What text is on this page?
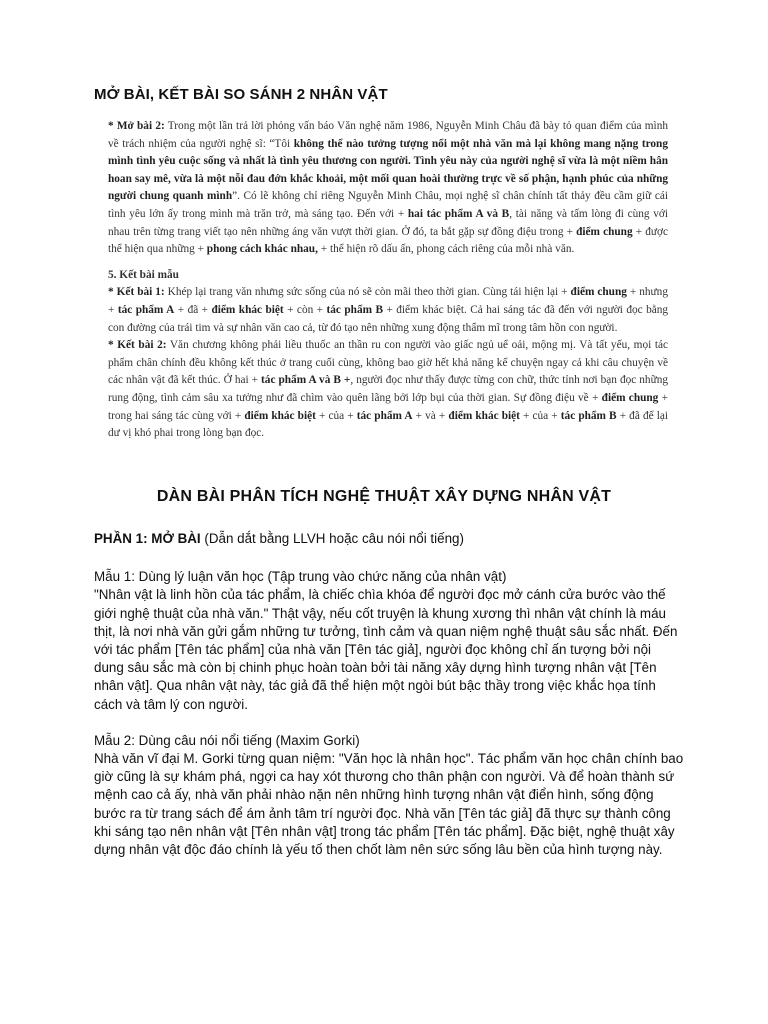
MỞ BÀI, KẾT BÀI SO SÁNH 2 NHÂN VẬT

* Mở bài 2: Trong một lần trả lời phỏng vấn báo Văn nghệ năm 1986, Nguyễn Minh Châu đã bày tỏ quan điểm của mình về trách nhiệm của người nghệ sĩ: “Tôi không thể nào tưởng tượng nổi một nhà văn mà lại không mang nặng trong mình tình yêu cuộc sống và nhất là tình yêu thương con người. Tình yêu này của người nghệ sĩ vừa là một niềm hân hoan say mê, vừa là một nỗi đau đớn khắc khoải, một mối quan hoài thường trực về số phận, hạnh phúc của những người chung quanh mình”. Có lẽ không chỉ riêng Nguyễn Minh Châu, mọi nghệ sĩ chân chính tất thảy đều cầm giữ cái tình yêu lớn ấy trong mình mà trăn trở, mà sáng tạo. Đến với + hai tác phẩm A và B, tài năng và tấm lòng đi cùng với nhau trên từng trang viết tạo nên những áng văn vượt thời gian. Ở đó, ta bắt gặp sự đồng điệu trong + điểm chung + được thể hiện qua những + phong cách khác nhau, + thể hiện rõ dấu ấn, phong cách riêng của mỗi nhà văn.

5. Kết bài mẫu

* Kết bài 1: Khép lại trang văn nhưng sức sống của nó sẽ còn mãi theo thời gian. Cùng tái hiện lại + điểm chung + nhưng + tác phẩm A + đã + điểm khác biệt + còn + tác phẩm B + điểm khác biệt. Cả hai sáng tác đã đến với người đọc bằng con đường của trái tim và sự nhân văn cao cả, từ đó tạo nên những xung động thẩm mĩ trong tâm hồn con người.

* Kết bài 2: Văn chương không phải liều thuốc an thần ru con người vào giấc ngủ uể oải, mộng mị. Và tất yếu, mọi tác phẩm chân chính đều không kết thúc ở trang cuối cùng, không bao giờ hết khả năng kể chuyện ngay cả khi câu chuyện về các nhân vật đã kết thúc. Ở hai + tác phẩm A và B +, người đọc như thấy được từng con chữ, thức tỉnh nơi bạn đọc những rung động, tình cảm sâu xa tưởng như đã chìm vào quên lãng bởi lớp bụi của thời gian. Sự đồng điệu về + điểm chung + trong hai sáng tác cùng với + điểm khác biệt + của + tác phẩm A + và + điểm khác biệt + của + tác phẩm B + đã để lại dư vị khó phai trong lòng bạn đọc.

DÀN BÀI PHÂN TÍCH NGHỆ THUẬT XÂY DỰNG NHÂN VẬT

PHẦN 1: MỞ BÀI (Dẫn dắt bằng LLVH hoặc câu nói nổi tiếng)

Mẫu 1: Dùng lý luận văn học (Tập trung vào chức năng của nhân vật)

"Nhân vật là linh hồn của tác phẩm, là chiếc chìa khóa để người đọc mở cánh cửa bước vào thế giới nghệ thuật của nhà văn." Thật vậy, nếu cốt truyện là khung xương thì nhân vật chính là máu thịt, là nơi nhà văn gửi gắm những tư tưởng, tình cảm và quan niệm nghệ thuật sâu sắc nhất. Đến với tác phẩm [Tên tác phẩm] của nhà văn [Tên tác giả], người đọc không chỉ ấn tượng bởi nội dung sâu sắc mà còn bị chinh phục hoàn toàn bởi tài năng xây dựng hình tượng nhân vật [Tên nhân vật]. Qua nhân vật này, tác giả đã thể hiện một ngòi bút bậc thầy trong việc khắc họa tính cách và tâm lý con người.

Mẫu 2: Dùng câu nói nổi tiếng (Maxim Gorki)

Nhà văn vĩ đại M. Gorki từng quan niệm: "Văn học là nhân học". Tác phẩm văn học chân chính bao giờ cũng là sự khám phá, ngợi ca hay xót thương cho thân phận con người. Và để hoàn thành sứ mệnh cao cả ấy, nhà văn phải nhào nặn nên những hình tượng nhân vật điển hình, sống động bước ra từ trang sách để ám ảnh tâm trí người đọc. Nhà văn [Tên tác giả] đã thực sự thành công khi sáng tạo nên nhân vật [Tên nhân vật] trong tác phẩm [Tên tác phẩm]. Đặc biệt, nghệ thuật xây dựng nhân vật độc đáo chính là yếu tố then chốt làm nên sức sống lâu bền của hình tượng này.
